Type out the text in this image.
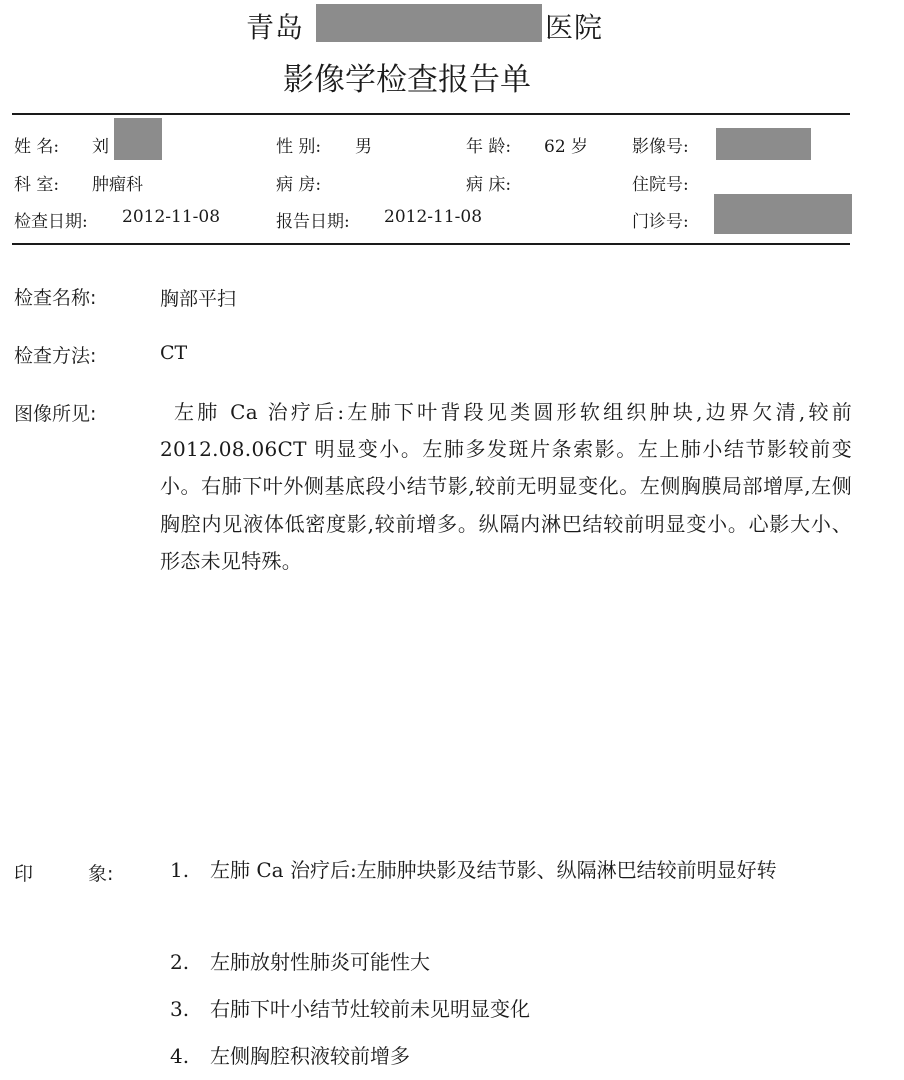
青岛	医院
影像学检查报告单
姓 名: 刘	性 别: 男	年 龄: 62 岁	影像号:
科 室: 肿瘤科	病 房:	病 床:	住院号:
检查日期: 2012-11-08	报告日期: 2012-11-08	门诊号:
检查名称:	胸部平扫
检查方法:	CT
图像所见:	左肺 Ca 治疗后:左肺下叶背段见类圆形软组织肿块,边界欠清,较前 2012.08.06CT 明显变小。左肺多发斑片条索影。左上肺小结节影较前变小。右肺下叶外侧基底段小结节影,较前无明显变化。左侧胸膜局部增厚,左侧胸腔内见液体低密度影,较前增多。纵隔内淋巴结较前明显变小。心影大小、形态未见特殊。
印	象:	1. 左肺 Ca 治疗后:左肺肿块影及结节影、纵隔淋巴结较前明显好转
2. 左肺放射性肺炎可能性大
3. 右肺下叶小结节灶较前未见明显变化
4. 左侧胸腔积液较前增多
